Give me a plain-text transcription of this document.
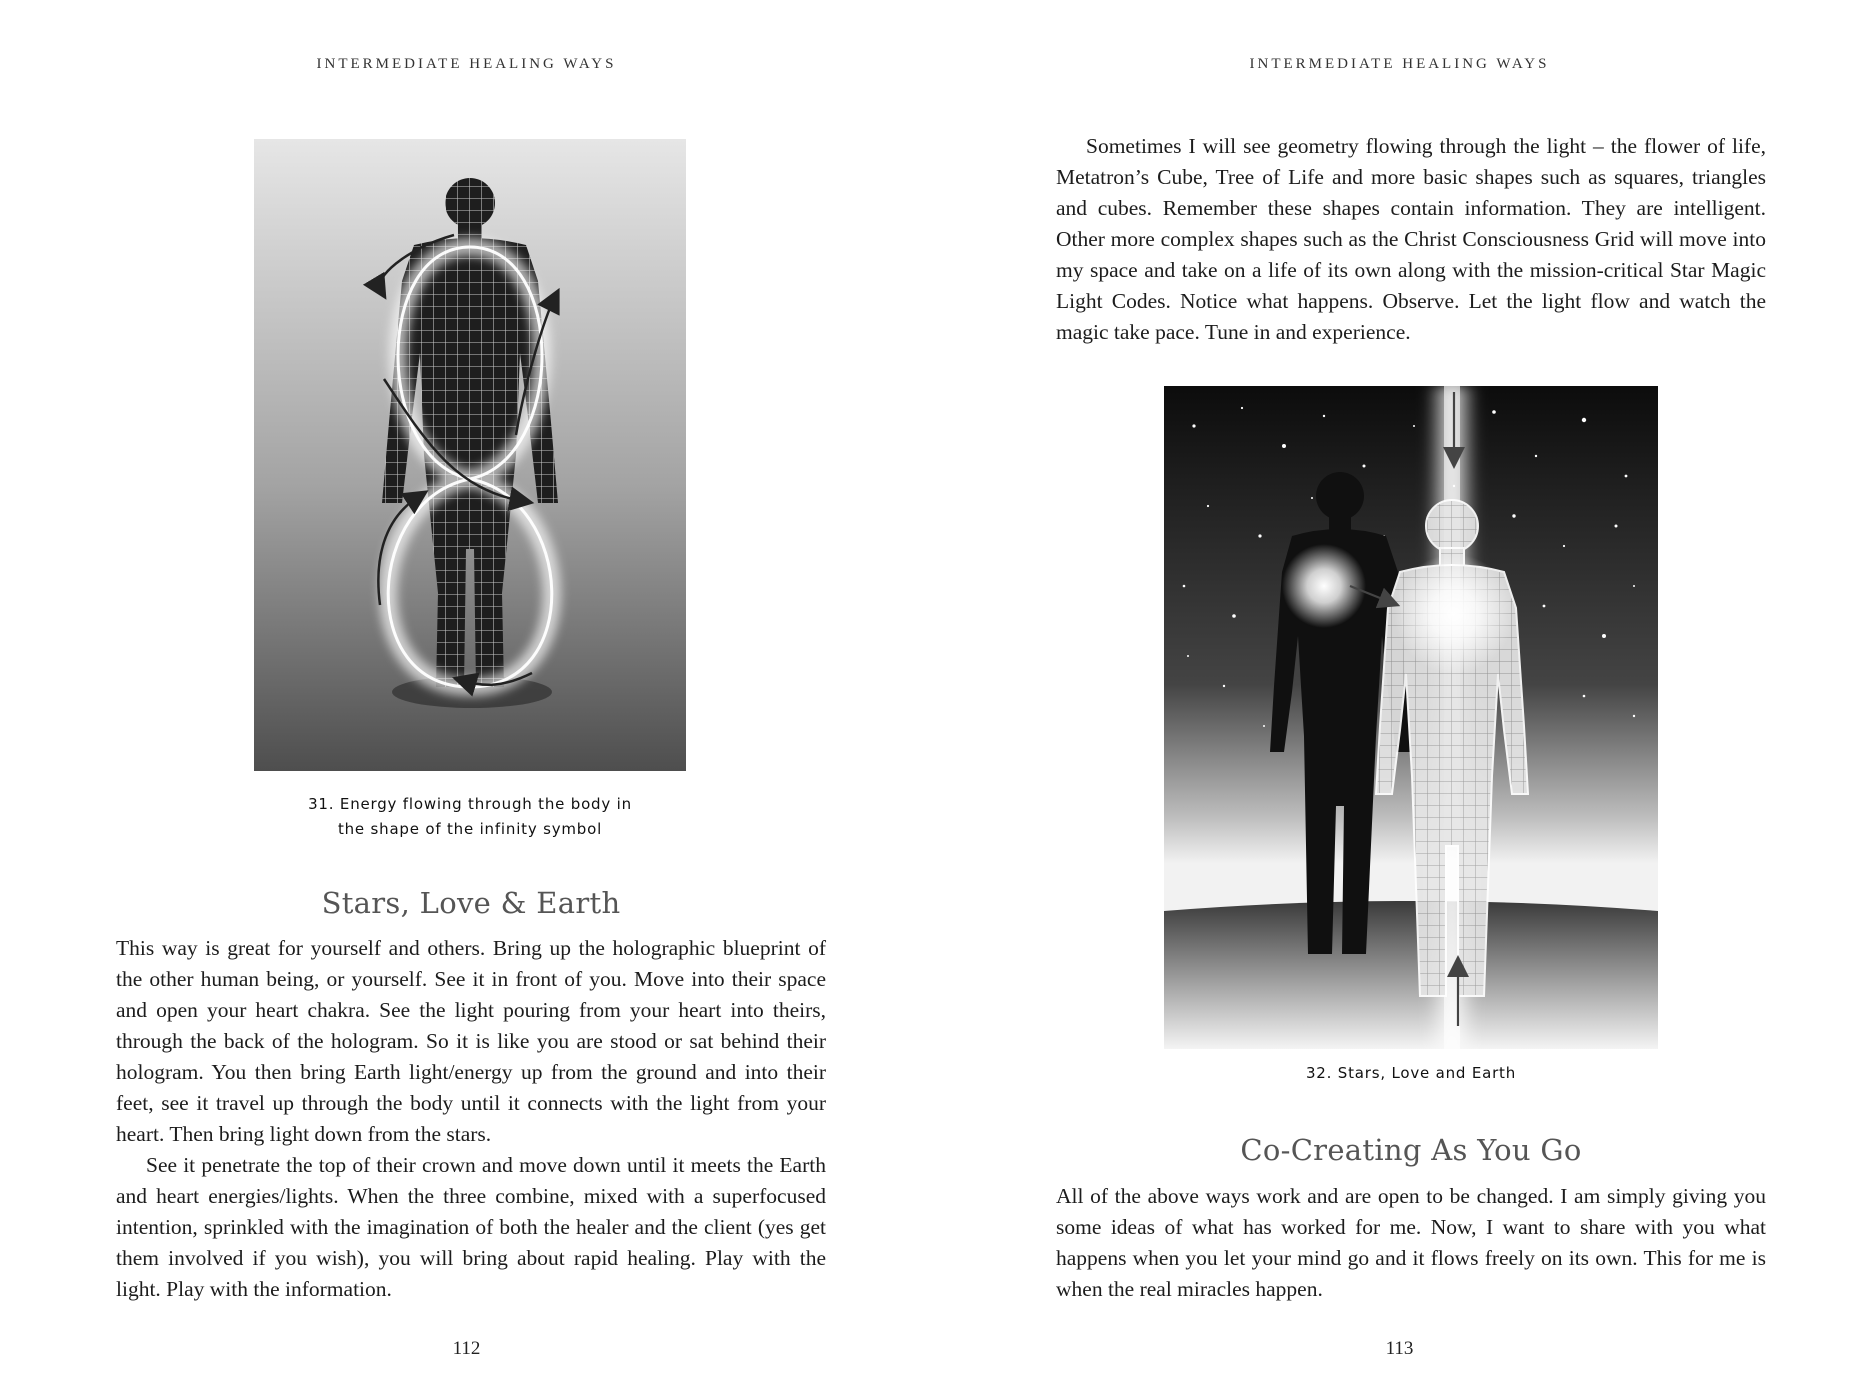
INTERMEDIATE HEALING WAYS
31. Energy flowing through the body in
the shape of the infinity symbol
Stars, Love & Earth

This way is great for yourself and others. Bring up the holographic blueprint of the other human being, or yourself. See it in front of you. Move into their space and open your heart chakra. See the light pouring from your heart into theirs, through the back of the hologram. So it is like you are stood or sat behind their hologram. You then bring Earth light/energy up from the ground and into their feet, see it travel up through the body until it connects with the light from your heart. Then bring light down from the stars.

See it penetrate the top of their crown and move down until it meets the Earth and heart energies/lights. When the three combine, mixed with a superfocused intention, sprinkled with the imagination of both the healer and the client (yes get them involved if you wish), you will bring about rapid healing. Play with the light. Play with the information.

112
INTERMEDIATE HEALING WAYS

Sometimes I will see geometry flowing through the light – the flower of life, Metatron’s Cube, Tree of Life and more basic shapes such as squares, triangles and cubes. Remember these shapes contain information. They are intelligent. Other more complex shapes such as the Christ Consciousness Grid will move into my space and take on a life of its own along with the mission-critical Star Magic Light Codes. Notice what happens. Observe. Let the light flow and watch the magic take pace. Tune in and experience.

32. Stars, Love and Earth
Co-Creating As You Go

All of the above ways work and are open to be changed. I am simply giving you some ideas of what has worked for me. Now, I want to share with you what happens when you let your mind go and it flows freely on its own. This for me is when the real miracles happen.

113
